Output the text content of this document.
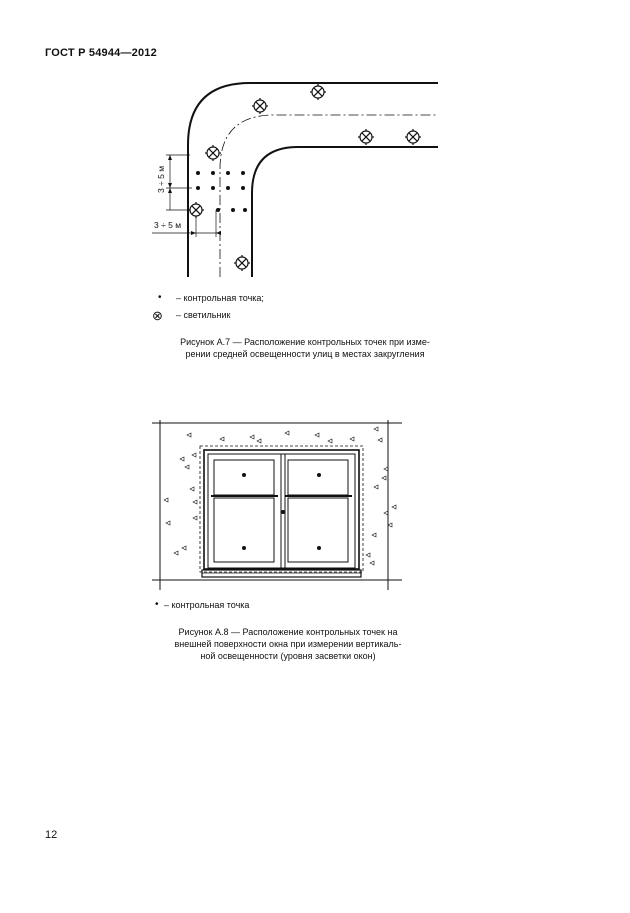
ГОСТ Р 54944—2012
3 ÷ 5 м
3 ÷ 5 м
• – контрольная точка;
⊗ – светильник
Рисунок А.7 — Расположение контрольных точек при изме-
рении средней освещенности улиц в местах закругления
• – контрольная точка
Рисунок А.8 — Расположение контрольных точек на
внешней поверхности окна при измерении вертикаль-
ной освещенности (уровня засветки окон)
12
